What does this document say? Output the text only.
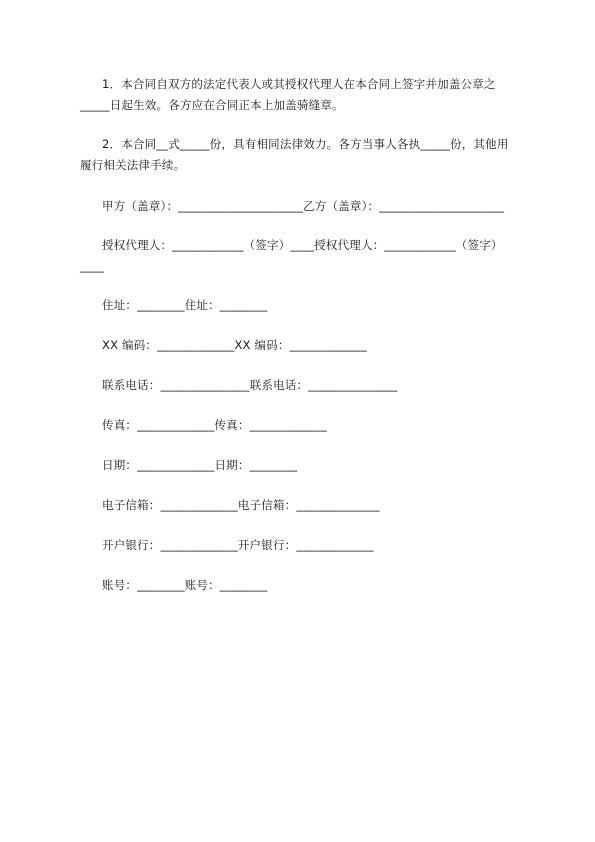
1．本合同自双方的法定代表人或其授权代理人在本合同上签字并加盖公章之
_____日起生效。各方应在合同正本上加盖骑缝章。
2．本合同__式_____份，具有相同法律效力。各方当事人各执_____份，其他用
履行相关法律手续。
甲方（盖章）：_____________________乙方（盖章）：_____________________
授权代理人：____________（签字）____授权代理人：____________（签字）
____
住址：________住址：________
XX 编码：_____________XX 编码：_____________
联系电话：_______________联系电话：_______________
传真：_____________传真：_____________
日期：_____________日期：________
电子信箱：_____________电子信箱：______________
开户银行：_____________开户银行：_____________
账号：________账号：________
